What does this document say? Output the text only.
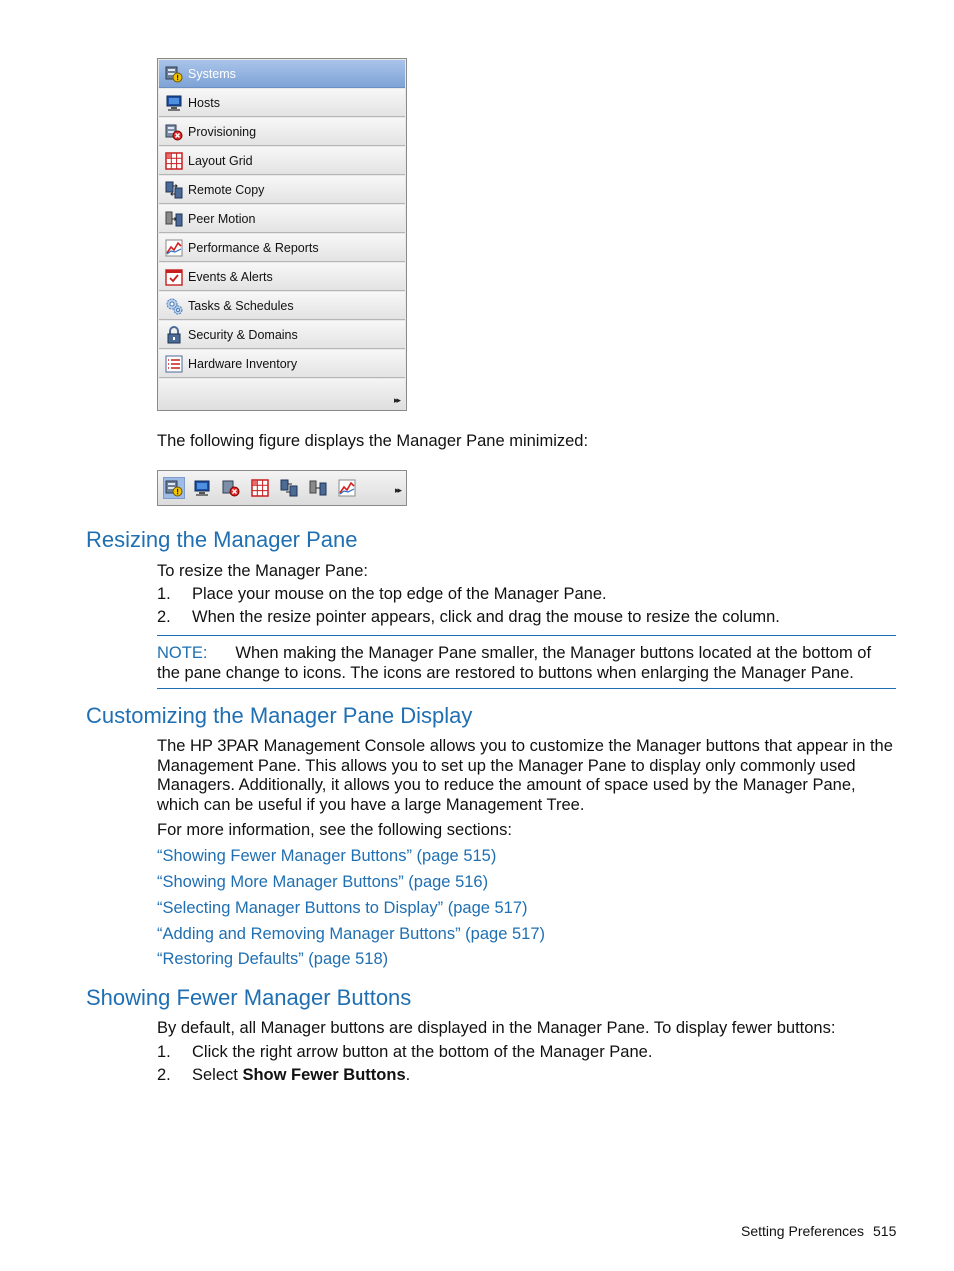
Systems
Hosts
Provisioning
Layout Grid
Remote Copy
Peer Motion
Performance & Reports
Events & Alerts
Tasks & Schedules
Security & Domains
Hardware Inventory
▸▸
The following figure displays the Manager Pane minimized:
▸▸
Resizing the Manager Pane
To resize the Manager Pane:
1. Place your mouse on the top edge of the Manager Pane.
2. When the resize pointer appears, click and drag the mouse to resize the column.
NOTE: When making the Manager Pane smaller, the Manager buttons located at the bottom of the pane change to icons. The icons are restored to buttons when enlarging the Manager Pane.
Customizing the Manager Pane Display
The HP 3PAR Management Console allows you to customize the Manager buttons that appear in the Management Pane. This allows you to set up the Manager Pane to display only commonly used Managers. Additionally, it allows you to reduce the amount of space used by the Manager Pane, which can be useful if you have a large Management Tree.
For more information, see the following sections:
“Showing Fewer Manager Buttons” (page 515)
“Showing More Manager Buttons” (page 516)
“Selecting Manager Buttons to Display” (page 517)
“Adding and Removing Manager Buttons” (page 517)
“Restoring Defaults” (page 518)
Showing Fewer Manager Buttons
By default, all Manager buttons are displayed in the Manager Pane. To display fewer buttons:
1. Click the right arrow button at the bottom of the Manager Pane.
2. Select Show Fewer Buttons.
Setting Preferences 515
